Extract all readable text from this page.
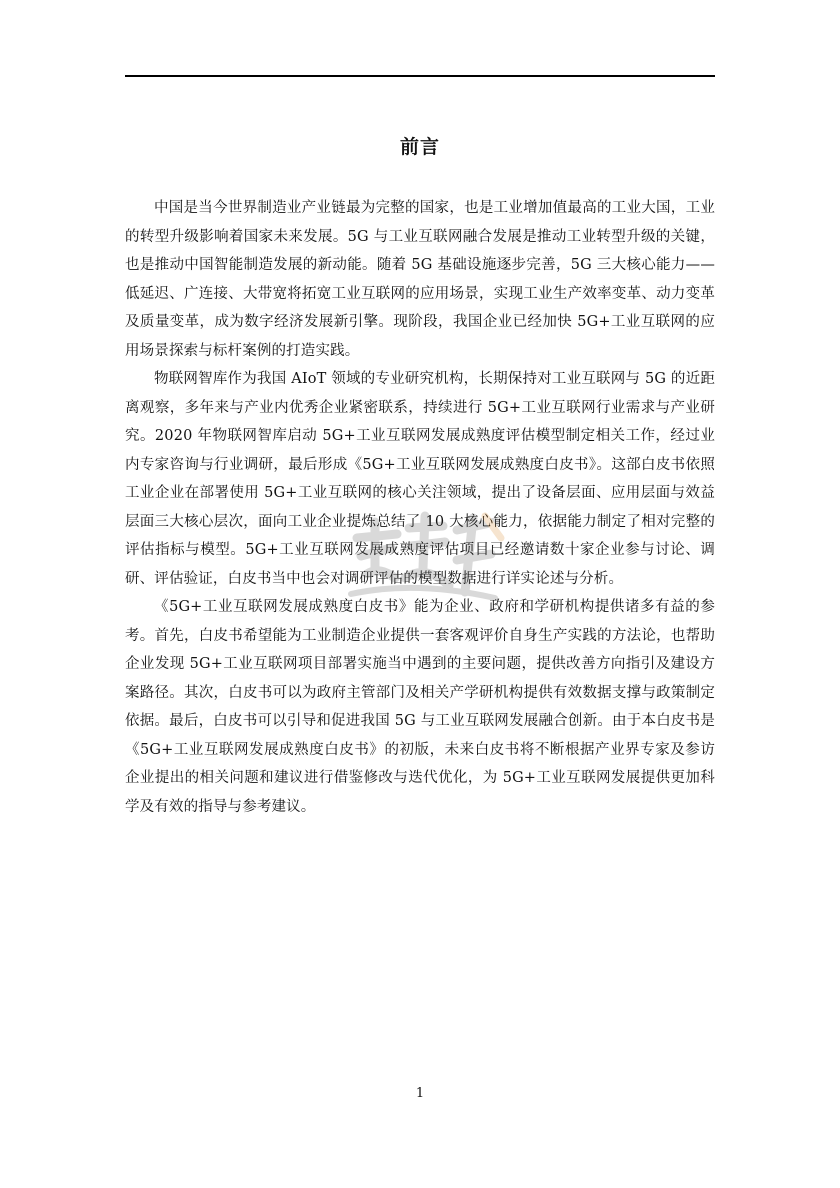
前言

中国是当今世界制造业产业链最为完整的国家，也是工业增加值最高的工业大国，工业的转型升级影响着国家未来发展。5G 与工业互联网融合发展是推动工业转型升级的关键，也是推动中国智能制造发展的新动能。随着 5G 基础设施逐步完善，5G 三大核心能力——低延迟、广连接、大带宽将拓宽工业互联网的应用场景，实现工业生产效率变革、动力变革及质量变革，成为数字经济发展新引擎。现阶段，我国企业已经加快 5G+工业互联网的应用场景探索与标杆案例的打造实践。

物联网智库作为我国 AIoT 领域的专业研究机构，长期保持对工业互联网与 5G 的近距离观察，多年来与产业内优秀企业紧密联系，持续进行 5G+工业互联网行业需求与产业研究。2020 年物联网智库启动 5G+工业互联网发展成熟度评估模型制定相关工作，经过业内专家咨询与行业调研，最后形成《5G+工业互联网发展成熟度白皮书》。这部白皮书依照工业企业在部署使用 5G+工业互联网的核心关注领域，提出了设备层面、应用层面与效益层面三大核心层次，面向工业企业提炼总结了 10 大核心能力，依据能力制定了相对完整的评估指标与模型。5G+工业互联网发展成熟度评估项目已经邀请数十家企业参与讨论、调研、评估验证，白皮书当中也会对调研评估的模型数据进行详实论述与分析。

《5G+工业互联网发展成熟度白皮书》能为企业、政府和学研机构提供诸多有益的参考。首先，白皮书希望能为工业制造企业提供一套客观评价自身生产实践的方法论，也帮助企业发现 5G+工业互联网项目部署实施当中遇到的主要问题，提供改善方向指引及建设方案路径。其次，白皮书可以为政府主管部门及相关产学研机构提供有效数据支撑与政策制定依据。最后，白皮书可以引导和促进我国 5G 与工业互联网发展融合创新。由于本白皮书是《5G+工业互联网发展成熟度白皮书》的初版，未来白皮书将不断根据产业界专家及参访企业提出的相关问题和建议进行借鉴修改与迭代优化，为 5G+工业互联网发展提供更加科学及有效的指导与参考建议。

1
